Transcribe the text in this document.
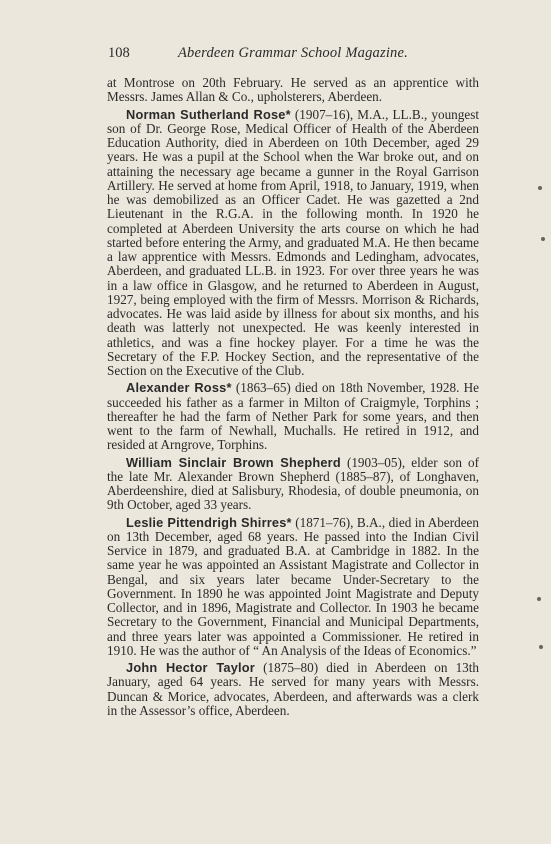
108	Aberdeen Grammar School Magazine.

at Montrose on 20th February. He served as an apprentice with Messrs. James Allan & Co., upholsterers, Aberdeen.

Norman Sutherland Rose* (1907–16), M.A., LL.B., youngest son of Dr. George Rose, Medical Officer of Health of the Aberdeen Education Authority, died in Aberdeen on 10th December, aged 29 years. He was a pupil at the School when the War broke out, and on attaining the necessary age became a gunner in the Royal Garrison Artillery. He served at home from April, 1918, to January, 1919, when he was demobilized as an Officer Cadet. He was gazetted a 2nd Lieutenant in the R.G.A. in the following month. In 1920 he completed at Aberdeen University the arts course on which he had started before entering the Army, and graduated M.A. He then became a law apprentice with Messrs. Edmonds and Ledingham, advocates, Aberdeen, and graduated LL.B. in 1923. For over three years he was in a law office in Glasgow, and he returned to Aberdeen in August, 1927, being employed with the firm of Messrs. Morrison & Richards, advocates. He was laid aside by illness for about six months, and his death was latterly not unexpected. He was keenly interested in athletics, and was a fine hockey player. For a time he was the Secretary of the F.P. Hockey Section, and the representative of the Section on the Executive of the Club.

Alexander Ross* (1863–65) died on 18th November, 1928. He succeeded his father as a farmer in Milton of Craigmyle, Torphins ; thereafter he had the farm of Nether Park for some years, and then went to the farm of Newhall, Muchalls. He retired in 1912, and resided at Arngrove, Torphins.

William Sinclair Brown Shepherd (1903–05), elder son of the late Mr. Alexander Brown Shepherd (1885–87), of Longhaven, Aberdeenshire, died at Salisbury, Rhodesia, of double pneumonia, on 9th October, aged 33 years.

Leslie Pittendrigh Shirres* (1871–76), B.A., died in Aberdeen on 13th December, aged 68 years. He passed into the Indian Civil Service in 1879, and graduated B.A. at Cambridge in 1882. In the same year he was appointed an Assistant Magistrate and Collector in Bengal, and six years later became Under-Secretary to the Government. In 1890 he was appointed Joint Magistrate and Deputy Collector, and in 1896, Magistrate and Collector. In 1903 he became Secretary to the Government, Financial and Municipal Departments, and three years later was appointed a Commissioner. He retired in 1910. He was the author of “ An Analysis of the Ideas of Economics.”

John Hector Taylor (1875–80) died in Aberdeen on 13th January, aged 64 years. He served for many years with Messrs. Duncan & Morice, advocates, Aberdeen, and afterwards was a clerk in the Assessor’s office, Aberdeen.
